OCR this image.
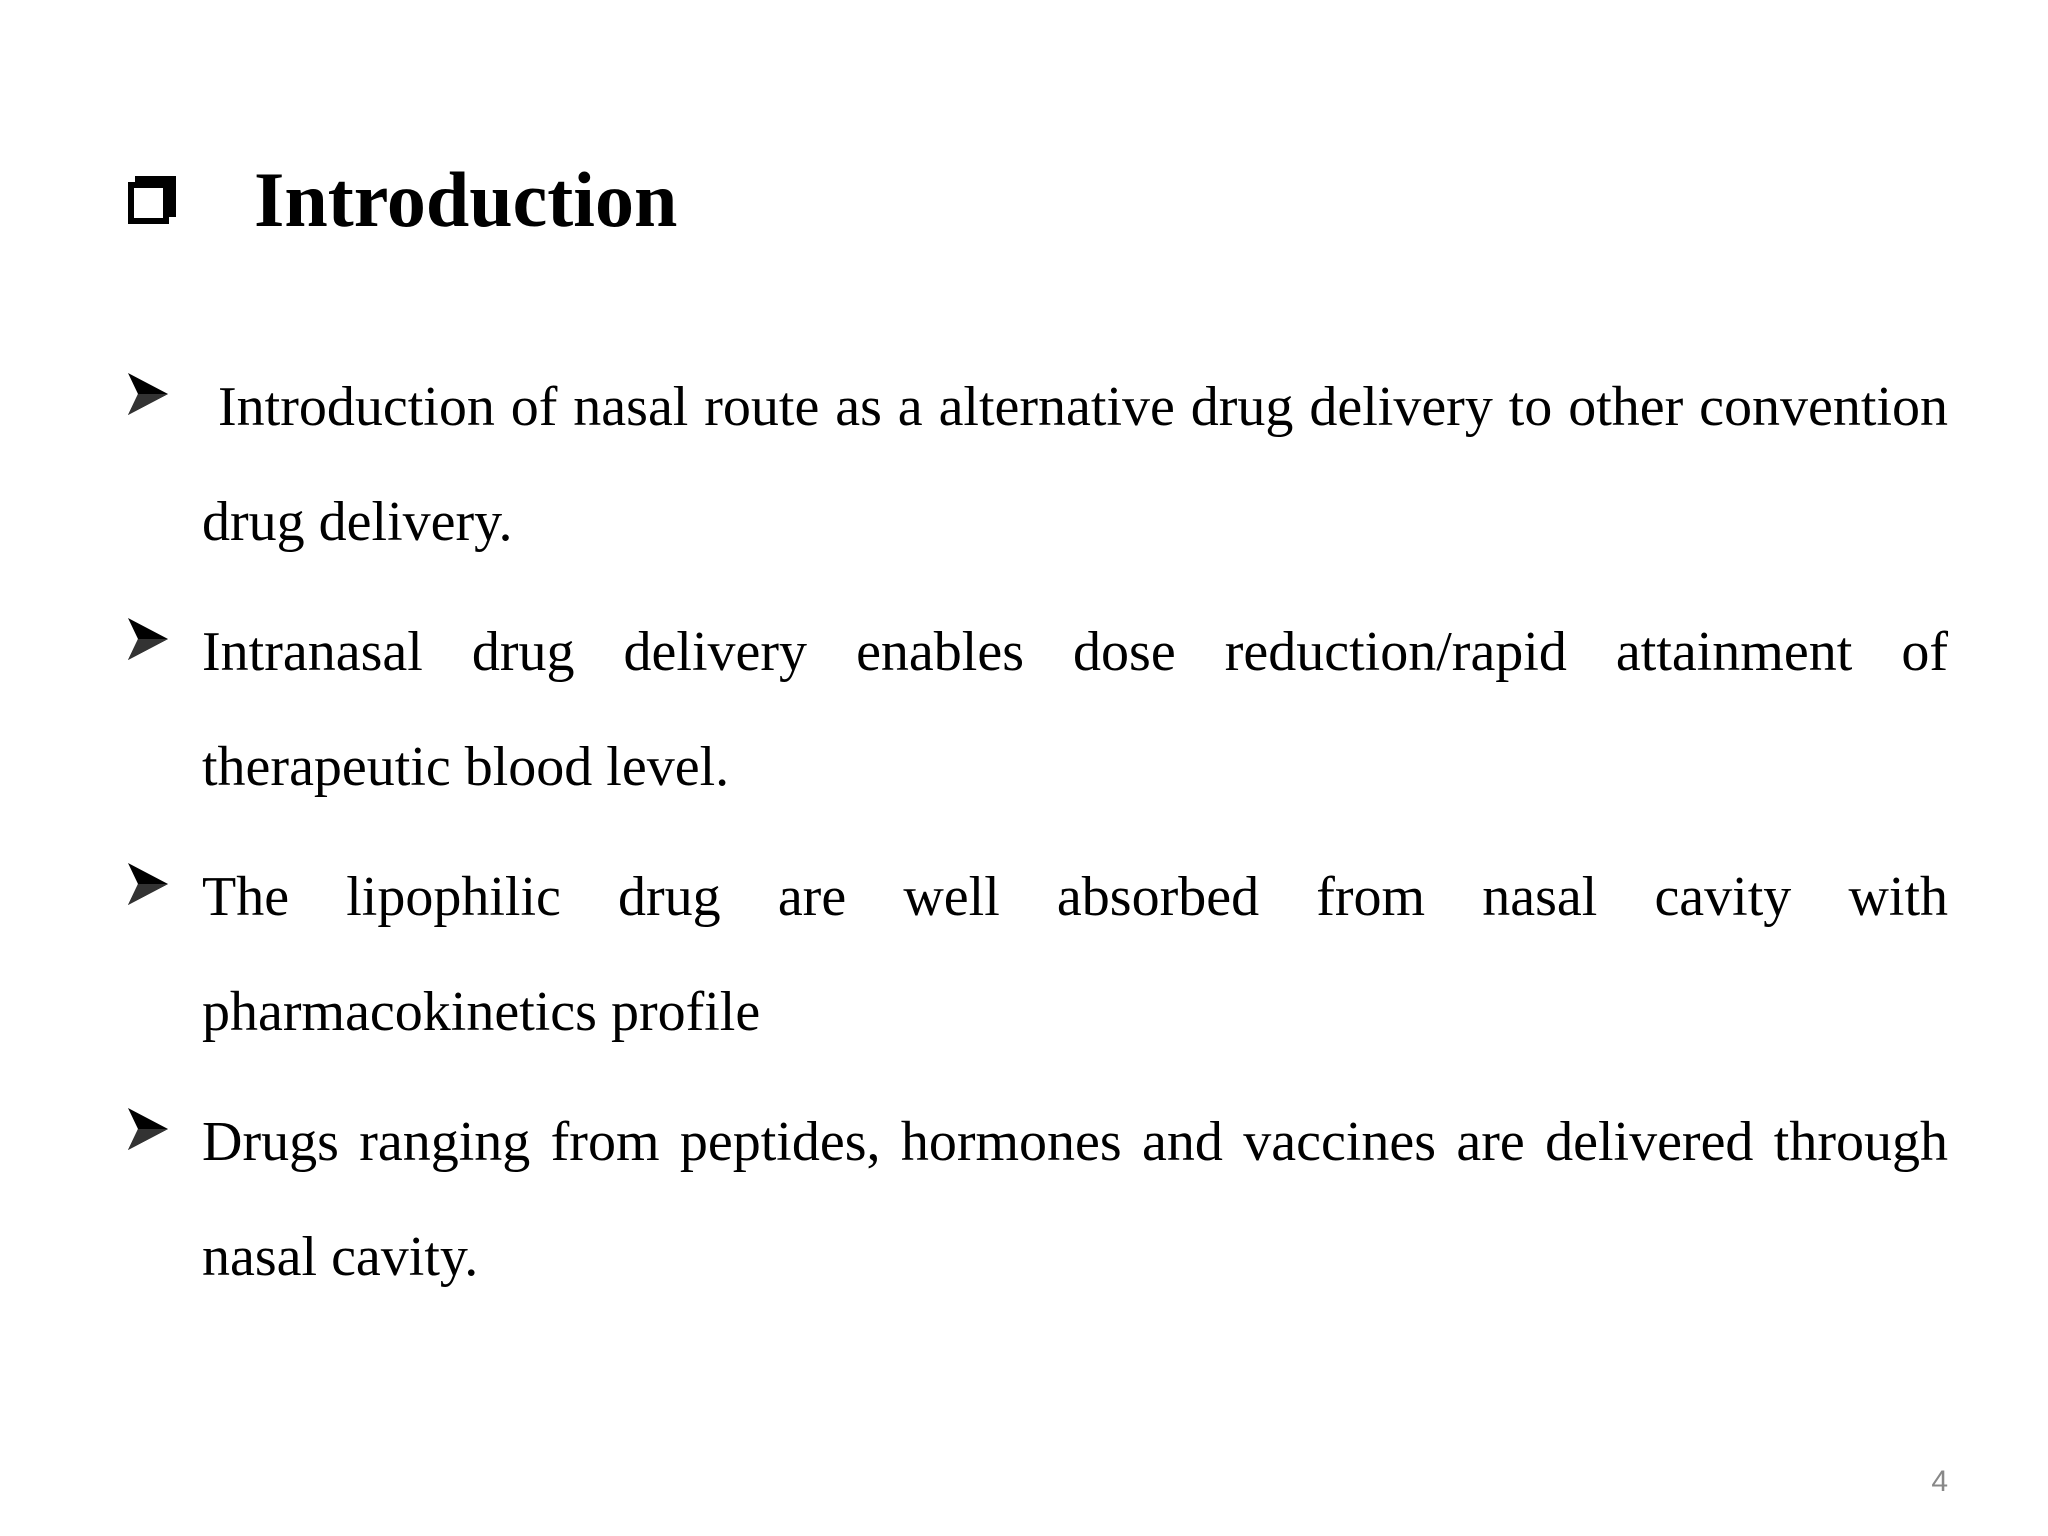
Introduction
Introduction of nasal route as a alternative drug delivery to other convention drug delivery.
Intranasal drug delivery enables dose reduction/rapid attainment of therapeutic blood level.
The lipophilic drug are well absorbed from nasal cavity with pharmacokinetics profile
Drugs ranging from peptides, hormones and vaccines are delivered through nasal cavity.
4
